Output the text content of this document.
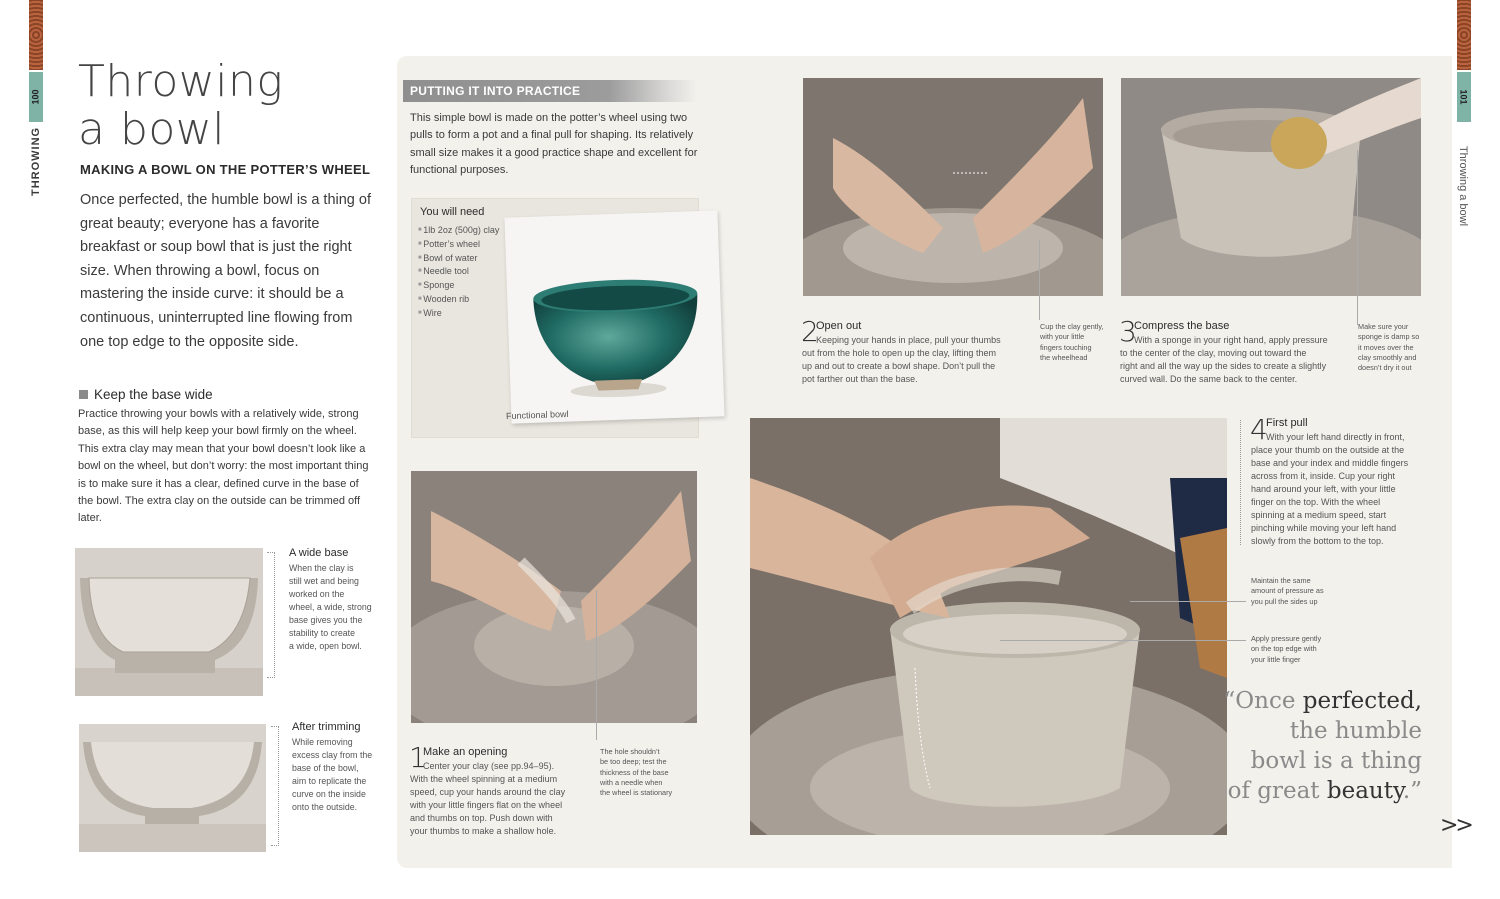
100
THROWING
101
Throwing a bowl
Throwing
a bowl
MAKING A BOWL ON THE POTTER’S WHEEL

Once perfected, the humble bowl is a thing of great beauty; everyone has a favorite breakfast or soup bowl that is just the right size. When throwing a bowl, focus on mastering the inside curve: it should be a continuous, uninterrupted line flowing from one top edge to the opposite side.

Keep the base wide

Practice throwing your bowls with a relatively wide, strong base, as this will help keep your bowl firmly on the wheel. This extra clay may mean that your bowl doesn’t look like a bowl on the wheel, but don’t worry: the most important thing is to make sure it has a clear, defined curve in the base of the bowl. The extra clay on the outside can be trimmed off later.

A wide base
When the clay is
still wet and being
worked on the
wheel, a wide, strong
base gives you the
stability to create
a wide, open bowl.
After trimming
While removing
excess clay from the
base of the bowl,
aim to replicate the
curve on the inside
onto the outside.
PUTTING IT INTO PRACTICE

This simple bowl is made on the potter’s wheel using two pulls to form a pot and a final pull for shaping. Its relatively small size makes it a good practice shape and excellent for functional purposes.

You will need
■ 1lb 2oz (500g) clay
■ Potter’s wheel
■ Bowl of water
■ Needle tool
■ Sponge
■ Wooden rib
■ Wire
Functional bowl
1
Make an opening
Center your clay (see pp.94–95).
With the wheel spinning at a medium
speed, cup your hands around the clay
with your little fingers flat on the wheel
and thumbs on top. Push down with
your thumbs to make a shallow hole.
The hole shouldn’t
be too deep; test the
thickness of the base
with a needle when
the wheel is stationary
2
Open out
Keeping your hands in place, pull your thumbs
out from the hole to open up the clay, lifting them
up and out to create a bowl shape. Don’t pull the
pot farther out than the base.
Cup the clay gently,
with your little
fingers touching
the wheelhead
3
Compress the base
With a sponge in your right hand, apply pressure
to the center of the clay, moving out toward the
right and all the way up the sides to create a slightly
curved wall. Do the same back to the center.
Make sure your
sponge is damp so
it moves over the
clay smoothly and
doesn’t dry it out
4
First pull
With your left hand directly in front,
place your thumb on the outside at the
base and your index and middle fingers
across from it, inside. Cup your right
hand around your left, with your little
finger on the top. With the wheel
spinning at a medium speed, start
pinching while moving your left hand
slowly from the bottom to the top.
Maintain the same
amount of pressure as
you pull the sides up
Apply pressure gently
on the top edge with
your little finger
“Once perfected,
the humble
bowl is a thing
of great beauty.”
>>
